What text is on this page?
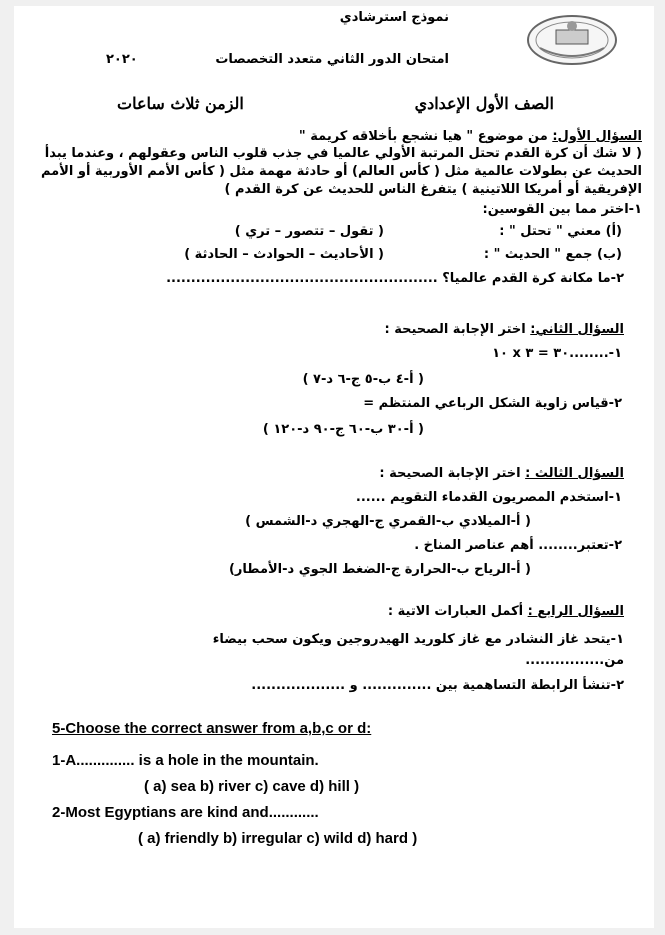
نموذج استرشادي
امتحان الدور الثاني متعدد التخصصات
٢٠٢٠
الصف الأول الإعدادي
الزمن ثلاث ساعات
السؤال الأول: من موضوع " هيا نشجع بأخلاقه كريمة "
( لا شك أن كرة القدم تحتل المرتبة الأولي عالميا في جذب قلوب الناس وعقولهم ، وعندما يبدأ
الحديث عن بطولات عالمية مثل ( كأس العالم) أو حادثة مهمة مثل ( كأس الأمم الأوربية أو الأمم
الإفريقية أو أمريكا اللاتينية ) يتفرغ الناس للحديث عن كرة القدم )
١-اختر مما بين القوسين:
(أ) معني " تحتل " :
( تقول – تتصور – تري )
(ب) جمع " الحديث " :
( الأحاديث – الحوادث – الحادثة )
٢-ما مكانة كرة القدم عالميا؟ .......................................................
السؤال الثاني: اختر الإجابة الصحيحة :
١-........٣٠ = ٣ x ١٠
( أ-٤ ب-٥ ج-٦ د-٧ )
٢-قياس زاوية الشكل الرباعي المنتظم =
( أ-٣٠ ب-٦٠ ج-٩٠ د-١٢٠ )
السؤال الثالث : اختر الإجابة الصحيحة :
١-استخدم المصريون القدماء التقويم ......
( أ-الميلادي ب-القمري ج-الهجري د-الشمس )
٢-تعتبر........ أهم عناصر المناخ .
( أ-الرياح ب-الحرارة ج-الضغط الجوي د-الأمطار)
السؤال الرابع : أكمل العبارات الاتية :
١-يتحد غاز النشادر مع غاز كلوريد الهيدروجين ويكون سحب بيضاء
من................
٢-تنشأ الرابطة التساهمية بين .............. و ...................
5-Choose the correct answer from a,b,c or d:
1-A.............. is a hole in the mountain.
( a) sea b) river c) cave d) hill )
2-Most Egyptians are kind and............
( a) friendly b) irregular c) wild d) hard )
